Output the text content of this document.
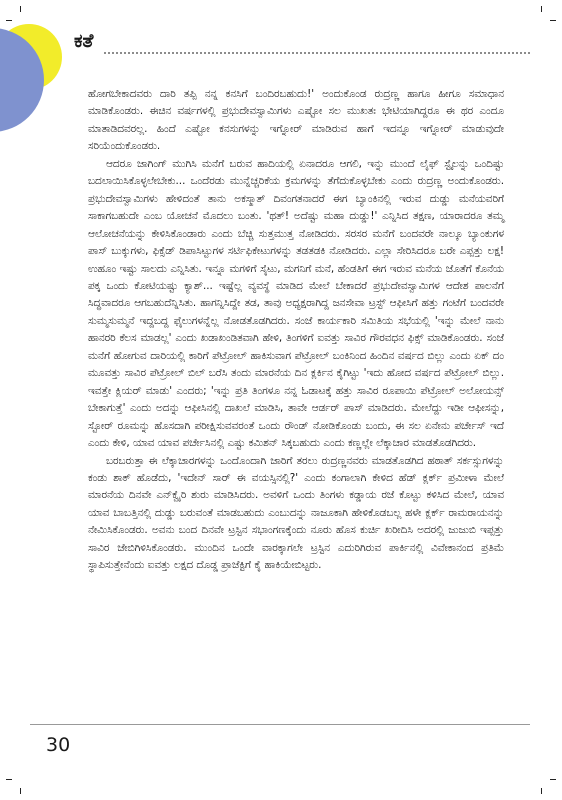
ಕತೆ

ಹೋಗಬೇಕಾದವರು ದಾರಿ ತಪ್ಪಿ ನನ್ನ ಕನಸಿಗೆ ಬಂದಿರಬಹುದು!' ಅಂದುಕೊಂಡ ರುದ್ರಣ್ಣ ಹಾಗೂ ಹೀಗೂ ಸಮಾಧಾನ ಮಾಡಿಕೊಂಡರು. ಈಚಿನ ವರ್ಷಗಳಲ್ಲಿ ಪ್ರಭುದೇವಸ್ವಾಮಿಗಳು ಎಷ್ಟೋ ಸಲ ಮುಖತಃ ಭೇಟಿಯಾಗಿದ್ದರೂ ಈ ಥರ ಎಂದೂ ಮಾತಾಡಿದವರಲ್ಲ. ಹಿಂದೆ ಎಷ್ಟೋ ಕನಸುಗಳನ್ನು ಇಗ್ನೋರ್ ಮಾಡಿರುವ ಹಾಗೆ ಇದನ್ನೂ ಇಗ್ನೋರ್ ಮಾಡುವುದೇ ಸರಿಯೆಂದುಕೊಂಡರು.

ಆದರೂ ಜಾಗಿಂಗ್ ಮುಗಿಸಿ ಮನೆಗೆ ಬರುವ ಹಾದಿಯಲ್ಲಿ ಏನಾದರೂ ಆಗಲಿ, ಇನ್ನು ಮುಂದೆ ಲೈಫ್ ಸ್ಟೈಲನ್ನು ಒಂದಿಷ್ಟು ಬದಲಾಯಿಸಿಕೊಳ್ಳಲೇಬೇಕು... ಒಂದೆರಡು ಮುನ್ನೆಚ್ಚರಿಕೆಯ ಕ್ರಮಗಳನ್ನು ತೆಗೆದುಕೊಳ್ಳಬೇಕು ಎಂದು ರುದ್ರಣ್ಣ ಅಂದುಕೊಂಡರು. ಪ್ರಭುದೇವಸ್ವಾಮಿಗಳು ಹೇಳಿದಂತೆ ತಾನು ಅಕಸ್ಮಾತ್ ದಿವಂಗತನಾದರೆ ಈಗ ಬ್ಯಾಂಕಿನಲ್ಲಿ ಇರುವ ದುಡ್ಡು ಮನೆಯವರಿಗೆ ಸಾಕಾಗಬಹುದೇ ಎಂಬ ಯೋಚನೆ ಮೊದಲು ಬಂತು. 'ಥತ್! ಅದೆಷ್ಟು ಮಹಾ ದುಡ್ಡು!' ಎನ್ನಿಸಿದ ತಕ್ಷಣ, ಯಾರಾದರೂ ತಮ್ಮ ಆಲೋಚನೆಯನ್ನು ಕೇಳಿಸಿಕೊಂಡಾರು ಎಂದು ಬೆಚ್ಚಿ ಸುತ್ತಮುತ್ತ ನೋಡಿದರು. ಸರಸರ ಮನೆಗೆ ಬಂದವರೇ ನಾಲ್ಕೂ ಬ್ಯಾಂಕುಗಳ ಪಾಸ್ ಬುಕ್ಕುಗಳು, ಫಿಕ್ಸೆಡ್ ಡಿಪಾಸಿಟ್ಟುಗಳ ಸರ್ಟಿಫಿಕೇಟುಗಳನ್ನು ತಡತಡಕಿ ನೋಡಿದರು. ಎಲ್ಲಾ ಸೇರಿಸಿದರೂ ಬರೇ ಎಪ್ಪತ್ತು ಲಕ್ಷ! ಉಹೂಂ ಇಷ್ಟು ಸಾಲದು ಎನ್ನಿಸಿತು. ಇನ್ನೂ ಮಗಳಿಗೆ ಸೈಟು, ಮಗನಿಗೆ ಮನೆ, ಹೆಂಡತಿಗೆ ಈಗ ಇರುವ ಮನೆಯ ಜೊತೆಗೆ ಕೊನೆಯ ಪಕ್ಕ ಒಂದು ಕೋಟಿಯಷ್ಟು ಕ್ಯಾಶ್... ಇಷ್ಟೆಲ್ಲ ವ್ಯವಸ್ಥೆ ಮಾಡಿದ ಮೇಲೆ ಬೇಕಾದರೆ ಪ್ರಭುದೇವಸ್ವಾಮಿಗಳ ಆದೇಶ ಪಾಲನೆಗೆ ಸಿದ್ಧವಾದರೂ ಆಗಬಹುದೆನ್ನಿಸಿತು. ಹಾಗನ್ನಿಸಿದ್ದೇ ತಡ, ತಾವು ಅಧ್ಯಕ್ಷರಾಗಿದ್ದ ಜನಸೇವಾ ಟ್ರಸ್ಟ್ ಆಫೀಸಿಗೆ ಹತ್ತು ಗಂಟೆಗೆ ಬಂದವರೇ ಸುಮ್ಮಸುಮ್ಮನೆ ಇದ್ದಬದ್ದ ಫೈಲುಗಳನ್ನೆಲ್ಲ ನೋಡತೊಡಗಿದರು. ಸಂಜೆ ಕಾರ್ಯಕಾರಿ ಸಮಿತಿಯ ಸಭೆಯಲ್ಲಿ 'ಇನ್ನು ಮೇಲೆ ನಾನು ಹಾನರರಿ ಕೆಲಸ ಮಾಡಲ್ಲ' ಎಂದು ಖಡಾಖಂಡಿತವಾಗಿ ಹೇಳಿ, ತಿಂಗಳಿಗೆ ಐವತ್ತು ಸಾವಿರ ಗೌರವಧನ ಫಿಕ್ಸ್ ಮಾಡಿಕೊಂಡರು. ಸಂಜೆ ಮನೆಗೆ ಹೋಗುವ ದಾರಿಯಲ್ಲಿ ಕಾರಿಗೆ ಪೆಟ್ರೋಲ್ ಹಾಕಿಸುವಾಗ ಪೆಟ್ರೋಲ್ ಬಂಕಿನಿಂದ ಹಿಂದಿನ ವರ್ಷದ ಬಿಲ್ಲು ಎಂದು ಏಕ್ ದಂ ಮೂವತ್ತು ಸಾವಿರ ಪೆಟ್ರೋಲ್ ಬಿಲ್ ಬರೆಸಿ ತಂದು ಮಾರನೆಯ ದಿನ ಕ್ಲರ್ಕಿನ ಕೈಗಿಟ್ಟು 'ಇದು ಹೋದ ವರ್ಷದ ಪೆಟ್ರೋಲ್ ಬಿಲ್ಲು. ಇವತ್ತೇ ಕ್ಲಿಯರ್ ಮಾಡು' ಎಂದರು; 'ಇನ್ನು ಪ್ರತಿ ತಿಂಗಳೂ ನನ್ನ ಓಡಾಟಕ್ಕೆ ಹತ್ತು ಸಾವಿರ ರೂಪಾಯಿ ಪೆಟ್ರೋಲ್ ಅಲೋಯನ್ಸ್ ಬೇಕಾಗುತ್ತೆ' ಎಂದು ಅದನ್ನು ಆಫೀಸಿನಲ್ಲಿ ದಾಖಲೆ ಮಾಡಿಸಿ, ತಾವೇ ಆರ್ಡರ್ ಪಾಸ್ ಮಾಡಿದರು. ಮೇಲೆದ್ದು ಇಡೀ ಆಫೀಸನ್ನು, ಸ್ಟೋರ್ ರೂಮನ್ನು ಹೊಸದಾಗಿ ಪರೀಕ್ಷಿಸುವವರಂತೆ ಒಂದು ರೌಂಡ್ ನೋಡಿಕೊಂಡು ಬಂದು, ಈ ಸಲ ಏನೇನು ಪರ್ಚೇಸ್ ಇದೆ ಎಂದು ಕೇಳಿ, ಯಾವ ಯಾವ ಪರ್ಚೇಸಿನಲ್ಲಿ ಎಷ್ಟು ಕಮಿಶನ್ ಸಿಕ್ಕಬಹುದು ಎಂದು ಕಣ್ಣಲ್ಲೇ ಲೆಕ್ಕಾಚಾರ ಮಾಡತೊಡಗಿದರು.

ಬರಬರುತ್ತಾ ಈ ಲೆಕ್ಕಾಚಾರಗಳನ್ನು ಒಂದೊಂದಾಗಿ ಜಾರಿಗೆ ತರಲು ರುದ್ರಣ್ಣನವರು ಮಾಡತೊಡಗಿದ ಹಠಾತ್ ಸರ್ಕಸ್ಸುಗಳನ್ನು ಕಂಡು ಶಾಕ್ ಹೊಡೆದು, 'ಇದೇನ್ ಸಾರ್ ಈ ವಯಸ್ಸಿನಲ್ಲಿ?' ಎಂದು ಕಂಗಾಲಾಗಿ ಕೇಳಿದ ಹೆಡ್ ಕ್ಲರ್ಕ್ ಪ್ರಮೀಳಾ ಮೇಲೆ ಮಾರನೆಯ ದಿನವೇ ಎನ್‌ಕ್ವೈರಿ ಶುರು ಮಾಡಿಸಿದರು. ಅವಳಿಗೆ ಒಂದು ತಿಂಗಳು ಕಡ್ಡಾಯ ರಜೆ ಕೊಟ್ಟು ಕಳಿಸಿದ ಮೇಲೆ, ಯಾವ ಯಾವ ಬಾಬತ್ತಿನಲ್ಲಿ ದುಡ್ಡು ಬರುವಂತೆ ಮಾಡಬಹುದು ಎಂಬುದನ್ನು ನಾಜೂಕಾಗಿ ಹೇಳಿಕೊಡಬಲ್ಲ ಹಳೇ ಕ್ಲರ್ಕ್ ರಾಮರಾಯನನ್ನು ನೇಮಿಸಿಕೊಂಡರು. ಅವನು ಬಂದ ದಿನವೇ ಟ್ರಸ್ಟಿನ ಸಭಾಂಗಣಕ್ಕೆಂದು ನೂರು ಹೊಸ ಕುರ್ಚಿ ಖರೀದಿಸಿ ಅದರಲ್ಲಿ ಜುಜುಬಿ ಇಪ್ಪತ್ತು ಸಾವಿರ ಜೇಬಿಗಿಳಿಸಿಕೊಂಡರು. ಮುಂದಿನ ಒಂದೇ ವಾರಕ್ಕಾಗಲೇ ಟ್ರಸ್ಟಿನ ಎದುರಿಗಿರುವ ಪಾರ್ಕಿನಲ್ಲಿ ವಿವೇಕಾನಂದ ಪ್ರತಿಮೆ ಸ್ಥಾಪಿಸುತ್ತೇನೆಂದು ಐವತ್ತು ಲಕ್ಷದ ದೊಡ್ಡ ಪ್ರಾಜೆಕ್ಟಿಗೆ ಕೈ ಹಾಕಿಯೇಬಿಟ್ಟರು.

30
